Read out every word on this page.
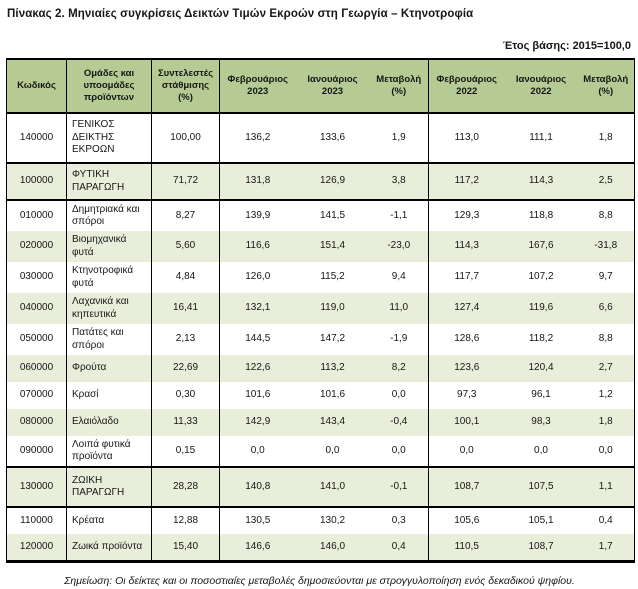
Πίνακας 2. Μηνιαίες συγκρίσεις Δεικτών Τιμών Εκροών στη Γεωργία – Κτηνοτροφία
Έτος βάσης: 2015=100,0
Κωδικός	Ομάδες και υποομάδες προϊόντων	Συντελεστές στάθμισης (%)	Φεβρουάριος 2023	Ιανουάριος 2023	Μεταβολή (%)	Φεβρουάριος 2022	Ιανουάριος 2022	Μεταβολή (%)
140000	ΓΕΝΙΚΟΣ ΔΕΙΚΤΗΣ ΕΚΡΟΩΝ	100,00	136,2	133,6	1,9	113,0	111,1	1,8
100000	ΦΥΤΙΚΗ ΠΑΡΑΓΩΓΗ	71,72	131,8	126,9	3,8	117,2	114,3	2,5
010000	Δημητριακά και σπόροι	8,27	139,9	141,5	-1,1	129,3	118,8	8,8
020000	Βιομηχανικά φυτά	5,60	116,6	151,4	-23,0	114,3	167,6	-31,8
030000	Κτηνοτροφικά φυτά	4,84	126,0	115,2	9,4	117,7	107,2	9,7
040000	Λαχανικά και κηπευτικά	16,41	132,1	119,0	11,0	127,4	119,6	6,6
050000	Πατάτες και σπόροι	2,13	144,5	147,2	-1,9	128,6	118,2	8,8
060000	Φρούτα	22,69	122,6	113,2	8,2	123,6	120,4	2,7
070000	Κρασί	0,30	101,6	101,6	0,0	97,3	96,1	1,2
080000	Ελαιόλαδο	11,33	142,9	143,4	-0,4	100,1	98,3	1,8
090000	Λοιπά φυτικά προϊόντα	0,15	0,0	0,0	0,0	0,0	0,0	0,0
130000	ΖΩΙΚΗ ΠΑΡΑΓΩΓΗ	28,28	140,8	141,0	-0,1	108,7	107,5	1,1
110000	Κρέατα	12,88	130,5	130,2	0,3	105,6	105,1	0,4
120000	Ζωικά προϊόντα	15,40	146,6	146,0	0,4	110,5	108,7	1,7
Σημείωση: Οι δείκτες και οι ποσοστιαίες μεταβολές δημοσιεύονται με στρογγυλοποίηση ενός δεκαδικού ψηφίου.
